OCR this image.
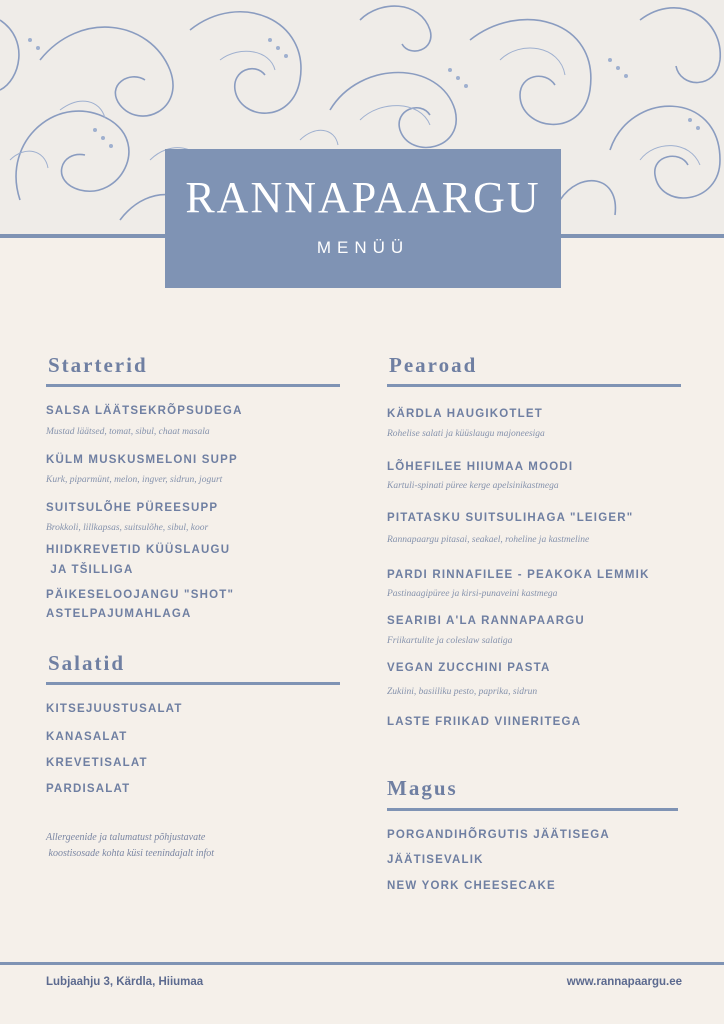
RANNAPAARGU
MENÜÜ
Starterid
SALSA LÄÄTSEKRÕPSUDEGA
Mustad läätsed, tomat, sibul, chaat masala
KÜLM MUSKUSMELONI SUPP
Kurk, piparmünt, melon, ingver, sidrun, jogurt
SUITSULÕHE PÜREESUPP
Brokkoli, lillkapsas, suitsulõhe, sibul, koor
HIIDKREVETID KÜÜSLAUGU
JA TŠILLIGA
PÄIKESELOOJANGU "SHOT"
ASTELPAJUMAHLAGA
Salatid
KITSEJUUSTUSALAT
KANASALAT
KREVETISALAT
PARDISALAT
Allergeenide ja talumatust põhjustavate
koostisosade kohta küsi teenindajalt infot
Pearoad
KÄRDLA HAUGIKOTLET
Rohelise salati ja küüslaugu majoneesiga
LÕHEFILEE HIIUMAA MOODI
Kartuli-spinati püree kerge apelsinikastmega
PITATASKU SUITSULIHAGA "LEIGER"
Rannapaargu pitasai, seakael, roheline ja kastmeline
PARDI RINNAFILEE - PEAKOKA LEMMIK
Pastinaagipüree ja kirsi-punaveini kastmega
SEARIBI A'LA RANNAPAARGU
Friikartulite ja coleslaw salatiga
VEGAN ZUCCHINI PASTA
Zukiini, basiiliku pesto, paprika, sidrun
LASTE FRIIKAD VIINERITEGA
Magus
PORGANDIHÕRGUTIS JÄÄTISEGA
JÄÄTISEVALIK
NEW YORK CHEESECAKE
Lubjaahju 3, Kärdla, Hiiumaa	www.rannapaargu.ee
